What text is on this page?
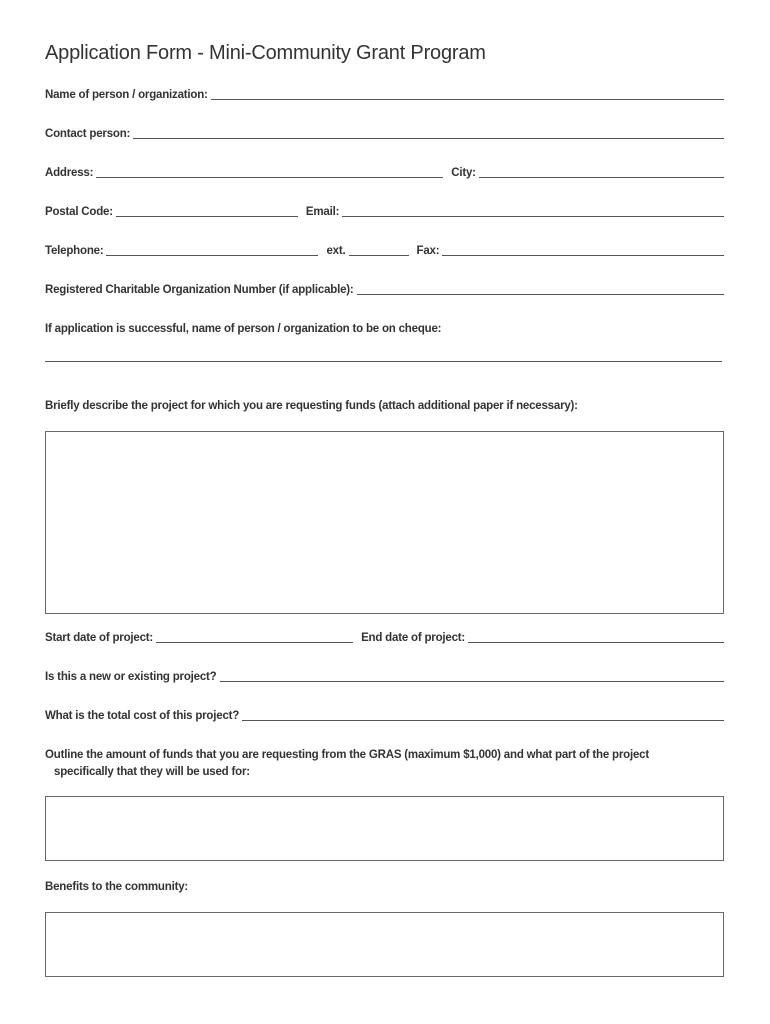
Application Form - Mini-Community Grant Program
Name of person / organization:
Contact person:
Address:	City:
Postal Code:	Email:
Telephone:	ext.	Fax:
Registered Charitable Organization Number (if applicable):
If application is successful, name of person / organization to be on cheque:
Briefly describe the project for which you are requesting funds (attach additional paper if necessary):
Start date of project:	End date of project:
Is this a new or existing project?
What is the total cost of this project?
Outline the amount of funds that you are requesting from the GRAS (maximum $1,000) and what part of the project
specifically that they will be used for:
Benefits to the community:
